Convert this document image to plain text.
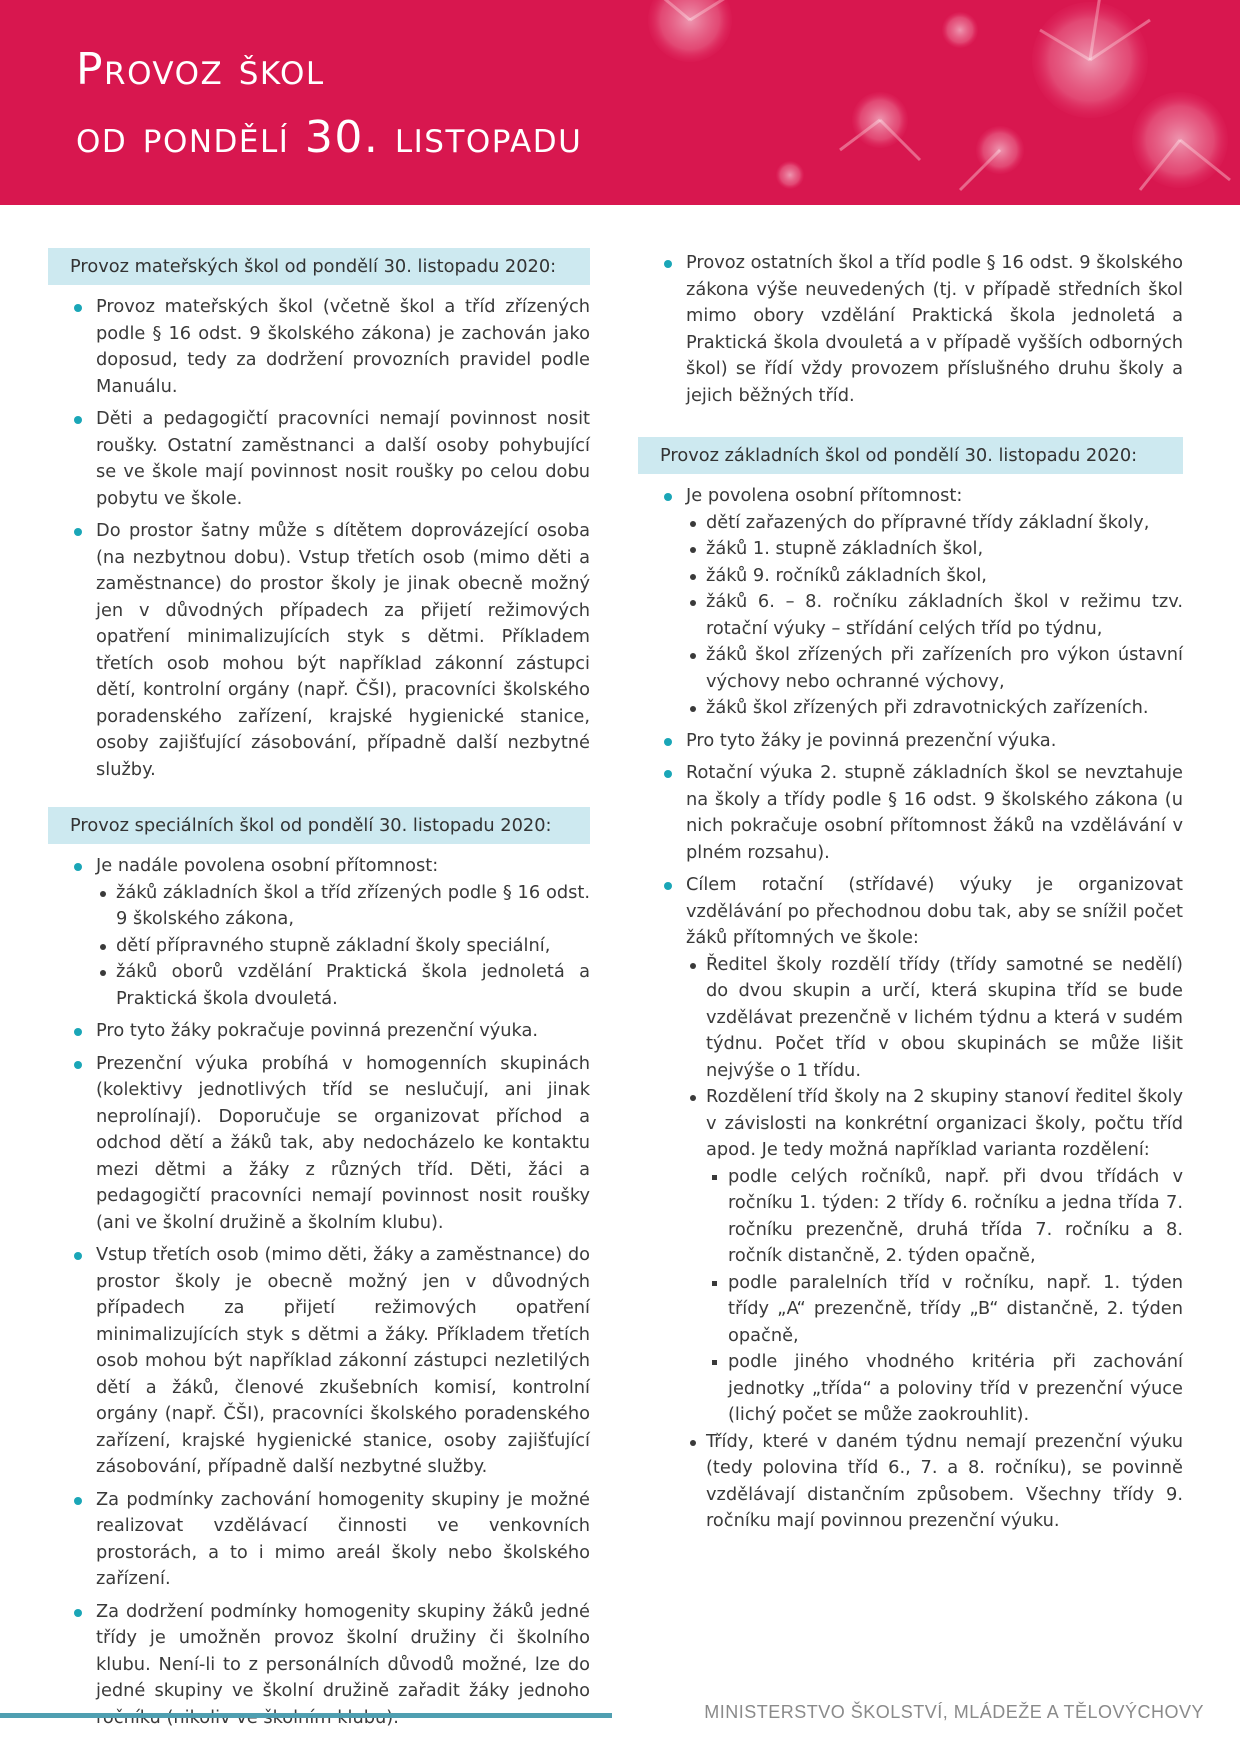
Provoz škol
od pondělí 30. listopadu
Provoz mateřských škol od pondělí 30. listopadu 2020:
Provoz mateřských škol (včetně škol a tříd zřízených podle § 16 odst. 9 školského zákona) je zachován jako doposud, tedy za dodržení provozních pravidel podle Manuálu.
Děti a pedagogičtí pracovníci nemají povinnost nosit roušky. Ostatní zaměstnanci a další osoby pohybující se ve škole mají povinnost nosit roušky po celou dobu pobytu ve škole.
Do prostor šatny může s dítětem doprovázející osoba (na nezbytnou dobu). Vstup třetích osob (mimo děti a zaměstnance) do prostor školy je jinak obecně možný jen v důvodných případech za přijetí režimových opatření minimalizujících styk s dětmi. Příkladem třetích osob mohou být například zákonní zástupci dětí, kontrolní orgány (např. ČŠI), pracovníci školského poradenského zařízení, krajské hygienické stanice, osoby zajišťující zásobování, případně další nezbytné služby.
Provoz speciálních škol od pondělí 30. listopadu 2020:
Je nadále povolena osobní přítomnost:
žáků základních škol a tříd zřízených podle § 16 odst. 9 školského zákona,
dětí přípravného stupně základní školy speciální,
žáků oborů vzdělání Praktická škola jednoletá a Praktická škola dvouletá.
Pro tyto žáky pokračuje povinná prezenční výuka.
Prezenční výuka probíhá v homogenních skupinách (kolektivy jednotlivých tříd se neslučují, ani jinak neprolínají). Doporučuje se organizovat příchod a odchod dětí a žáků tak, aby nedocházelo ke kontaktu mezi dětmi a žáky z různých tříd. Děti, žáci a pedagogičtí pracovníci nemají povinnost nosit roušky (ani ve školní družině a školním klubu).
Vstup třetích osob (mimo děti, žáky a zaměstnance) do prostor školy je obecně možný jen v důvodných případech za přijetí režimových opatření minimalizujících styk s dětmi a žáky. Příkladem třetích osob mohou být například zákonní zástupci nezletilých dětí a žáků, členové zkušebních komisí, kontrolní orgány (např. ČŠI), pracovníci školského poradenského zařízení, krajské hygienické stanice, osoby zajišťující zásobování, případně další nezbytné služby.
Za podmínky zachování homogenity skupiny je možné realizovat vzdělávací činnosti ve venkovních prostorách, a to i mimo areál školy nebo školského zařízení.
Za dodržení podmínky homogenity skupiny žáků jedné třídy je umožněn provoz školní družiny či školního klubu. Není-li to z personálních důvodů možné, lze do jedné skupiny ve školní družině zařadit žáky jednoho
Provoz ostatních škol a tříd podle § 16 odst. 9 školského zákona výše neuvedených (tj. v případě středních škol mimo obory vzdělání Praktická škola jednoletá a Praktická škola dvouletá a v případě vyšších odborných škol) se řídí vždy provozem příslušného druhu školy a jejich běžných tříd.
Provoz základních škol od pondělí 30. listopadu 2020:
Je povolena osobní přítomnost:
dětí zařazených do přípravné třídy základní školy,
žáků 1. stupně základních škol,
žáků 9. ročníků základních škol,
žáků 6. – 8. ročníku základních škol v režimu tzv. rotační výuky – střídání celých tříd po týdnu,
žáků škol zřízených při zařízeních pro výkon ústavní výchovy nebo ochranné výchovy,
žáků škol zřízených při zdravotnických zařízeních.
Pro tyto žáky je povinná prezenční výuka.
Rotační výuka 2. stupně základních škol se nevztahuje na školy a třídy podle § 16 odst. 9 školského zákona (u nich pokračuje osobní přítomnost žáků na vzdělávání v plném rozsahu).
Cílem rotační (střídavé) výuky je organizovat vzdělávání po přechodnou dobu tak, aby se snížil počet žáků přítomných ve škole:
Ředitel školy rozdělí třídy (třídy samotné se nedělí) do dvou skupin a určí, která skupina tříd se bude vzdělávat prezenčně v lichém týdnu a která v sudém týdnu. Počet tříd v obou skupinách se může lišit nejvýše o 1 třídu.
Rozdělení tříd školy na 2 skupiny stanoví ředitel školy v závislosti na konkrétní organizaci školy, počtu tříd apod. Je tedy možná například varianta rozdělení:
podle celých ročníků, např. při dvou třídách v ročníku 1. týden: 2 třídy 6. ročníku a jedna třída 7. ročníku prezenčně, druhá třída 7. ročníku a 8. ročník distančně, 2. týden opačně,
podle paralelních tříd v ročníku, např. 1. týden třídy „A“ prezenčně, třídy „B“ distančně, 2. týden opačně,
podle jiného vhodného kritéria při zachování jednotky „třída“ a poloviny tříd v prezenční výuce (lichý počet se může zaokrouhlit).
Třídy, které v daném týdnu nemají prezenční výuku (tedy polovina tříd 6., 7. a 8. ročníku), se povinně vzdělávají distančním způsobem. Všechny třídy 9. ročníku mají povinnou prezenční výuku.
MINISTERSTVO ŠKOLSTVÍ, MLÁDEŽE A TĚLOVÝCHOVY
